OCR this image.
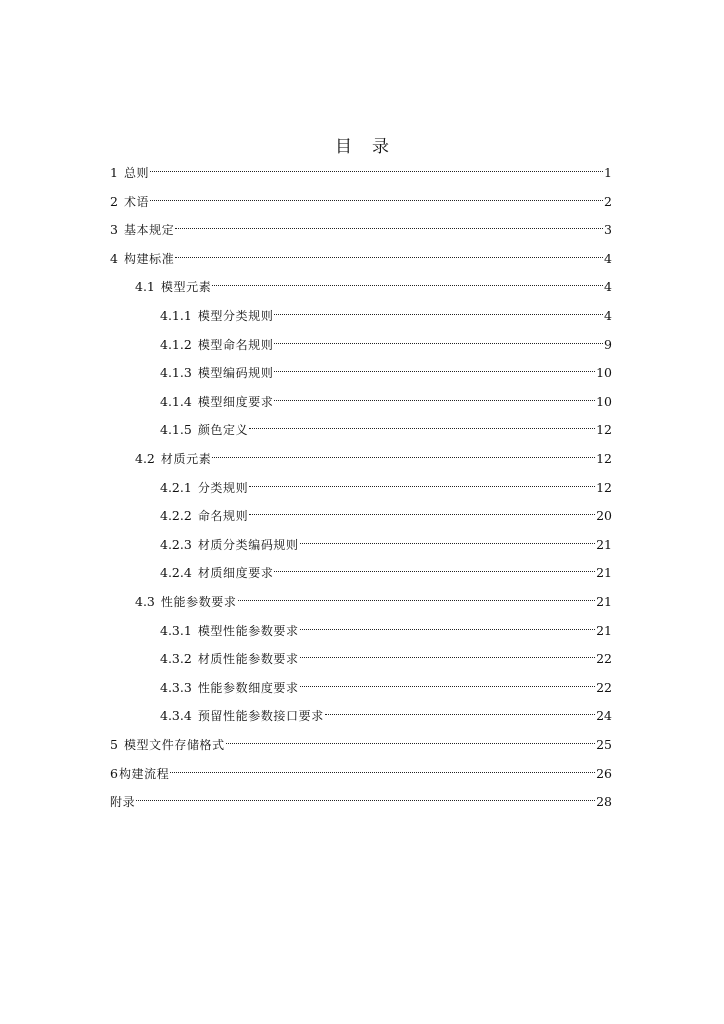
目 录
1 总则	1
2 术语	2
3 基本规定	3
4 构建标准	4
4.1 模型元素	4
4.1.1 模型分类规则	4
4.1.2 模型命名规则	9
4.1.3 模型编码规则	10
4.1.4 模型细度要求	10
4.1.5 颜色定义	12
4.2 材质元素	12
4.2.1 分类规则	12
4.2.2 命名规则	20
4.2.3 材质分类编码规则	21
4.2.4 材质细度要求	21
4.3 性能参数要求	21
4.3.1 模型性能参数要求	21
4.3.2 材质性能参数要求	22
4.3.3 性能参数细度要求	22
4.3.4 预留性能参数接口要求	24
5 模型文件存储格式	25
6 构建流程	26
附录	28
